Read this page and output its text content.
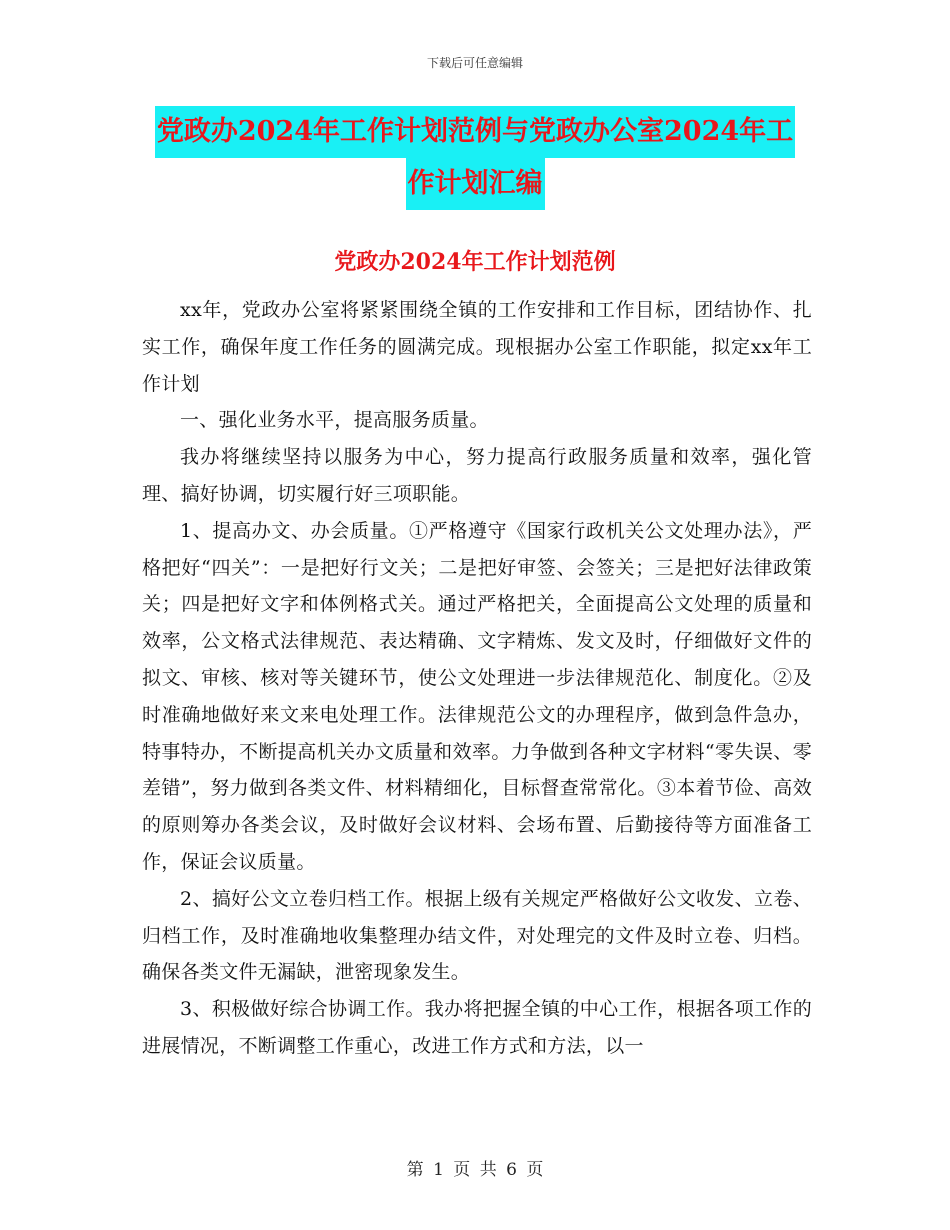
下载后可任意编辑
党政办2024年工作计划范例与党政办公室2024年工
作计划汇编
党政办2024年工作计划范例

xx年，党政办公室将紧紧围绕全镇的工作安排和工作目标，团结协作、扎实工作，确保年度工作任务的圆满完成。现根据办公室工作职能，拟定xx年工作计划

一、强化业务水平，提高服务质量。

我办将继续坚持以服务为中心，努力提高行政服务质量和效率，强化管理、搞好协调，切实履行好三项职能。

1、提高办文、办会质量。①严格遵守《国家行政机关公文处理办法》，严格把好“四关”：一是把好行文关；二是把好审签、会签关；三是把好法律政策关；四是把好文字和体例格式关。通过严格把关，全面提高公文处理的质量和效率，公文格式法律规范、表达精确、文字精炼、发文及时，仔细做好文件的拟文、审核、核对等关键环节，使公文处理进一步法律规范化、制度化。②及时准确地做好来文来电处理工作。法律规范公文的办理程序，做到急件急办，特事特办，不断提高机关办文质量和效率。力争做到各种文字材料“零失误、零差错”，努力做到各类文件、材料精细化，目标督查常常化。③本着节俭、高效的原则筹办各类会议，及时做好会议材料、会场布置、后勤接待等方面准备工作，保证会议质量。

2、搞好公文立卷归档工作。根据上级有关规定严格做好公文收发、立卷、归档工作，及时准确地收集整理办结文件，对处理完的文件及时立卷、归档。确保各类文件无漏缺，泄密现象发生。

3、积极做好综合协调工作。我办将把握全镇的中心工作，根据各项工作的进展情况，不断调整工作重心，改进工作方式和方法，以一

第 1 页 共 6 页
